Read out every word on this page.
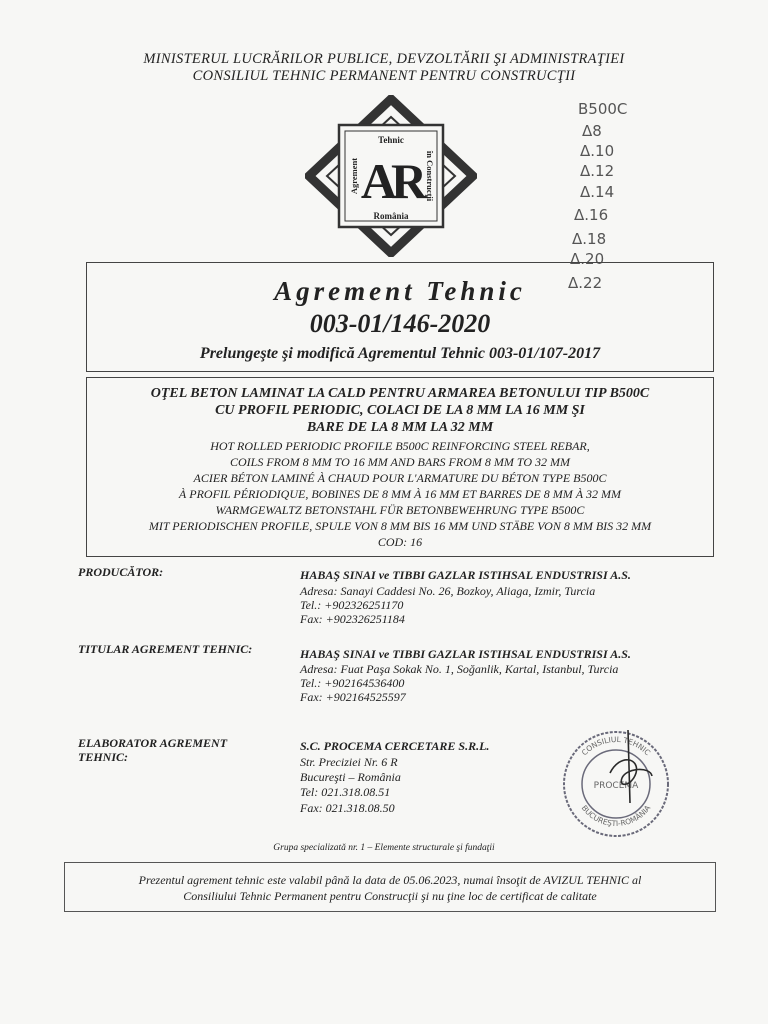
MINISTERUL LUCRĂRILOR PUBLICE, DEVZOLTĂRII ŞI ADMINISTRAŢIEI
CONSILIUL TEHNIC PERMANENT PENTRU CONSTRUCŢII
Tehnic
România
Agrement	în Construcţii
AR
B500C
Δ8
Δ.10
Δ.12
Δ.14
Δ.16
Δ.18
Δ.20
Δ.22
Agrement Tehnic
003-01/146-2020
Prelungeşte şi modifică Agrementul Tehnic 003-01/107-2017
OŢEL BETON LAMINAT LA CALD PENTRU ARMAREA BETONULUI TIP B500C
CU PROFIL PERIODIC, COLACI DE LA 8 MM LA 16 MM ŞI
BARE DE LA 8 MM LA 32 MM
HOT ROLLED PERIODIC PROFILE B500C REINFORCING STEEL REBAR,
COILS FROM 8 MM TO 16 MM AND BARS FROM 8 MM TO 32 MM
ACIER BÉTON LAMINÉ À CHAUD POUR L'ARMATURE DU BÉTON TYPE B500C
À PROFIL PÉRIODIQUE, BOBINES DE 8 MM À 16 MM ET BARRES DE 8 MM À 32 MM
WARMGEWALTZ BETONSTAHL FÜR BETONBEWEHRUNG TYPE B500C
MIT PERIODISCHEN PROFILE, SPULE VON 8 MM BIS 16 MM UND STÄBE VON 8 MM BIS 32 MM
COD: 16
PRODUCĂTOR:	HABAŞ SINAI ve TIBBI GAZLAR ISTIHSAL ENDUSTRISI A.S.
Adresa: Sanayi Caddesi No. 26, Bozkoy, Aliaga, Izmir, Turcia
Tel.: +902326251170
Fax: +902326251184
TITULAR AGREMENT TEHNIC:	HABAŞ SINAI ve TIBBI GAZLAR ISTIHSAL ENDUSTRISI A.S.
Adresa: Fuat Paşa Sokak No. 1, Soğanlik, Kartal, Istanbul, Turcia
Tel.: +902164536400
Fax: +902164525597
ELABORATOR AGREMENT
TEHNIC:
S.C. PROCEMA CERCETARE S.R.L.
Str. Preciziei Nr. 6 R
Bucureşti – România
Tel: 021.318.08.51
Fax: 021.318.08.50
CONSILIUL TEHNIC
BUCUREŞTI-ROMÂNIA
PROCEMA
Grupa specializată nr. 1 – Elemente structurale şi fundaţii
Prezentul agrement tehnic este valabil până la data de 05.06.2023, numai însoţit de AVIZUL TEHNIC al
Consiliului Tehnic Permanent pentru Construcţii şi nu ţine loc de certificat de calitate
